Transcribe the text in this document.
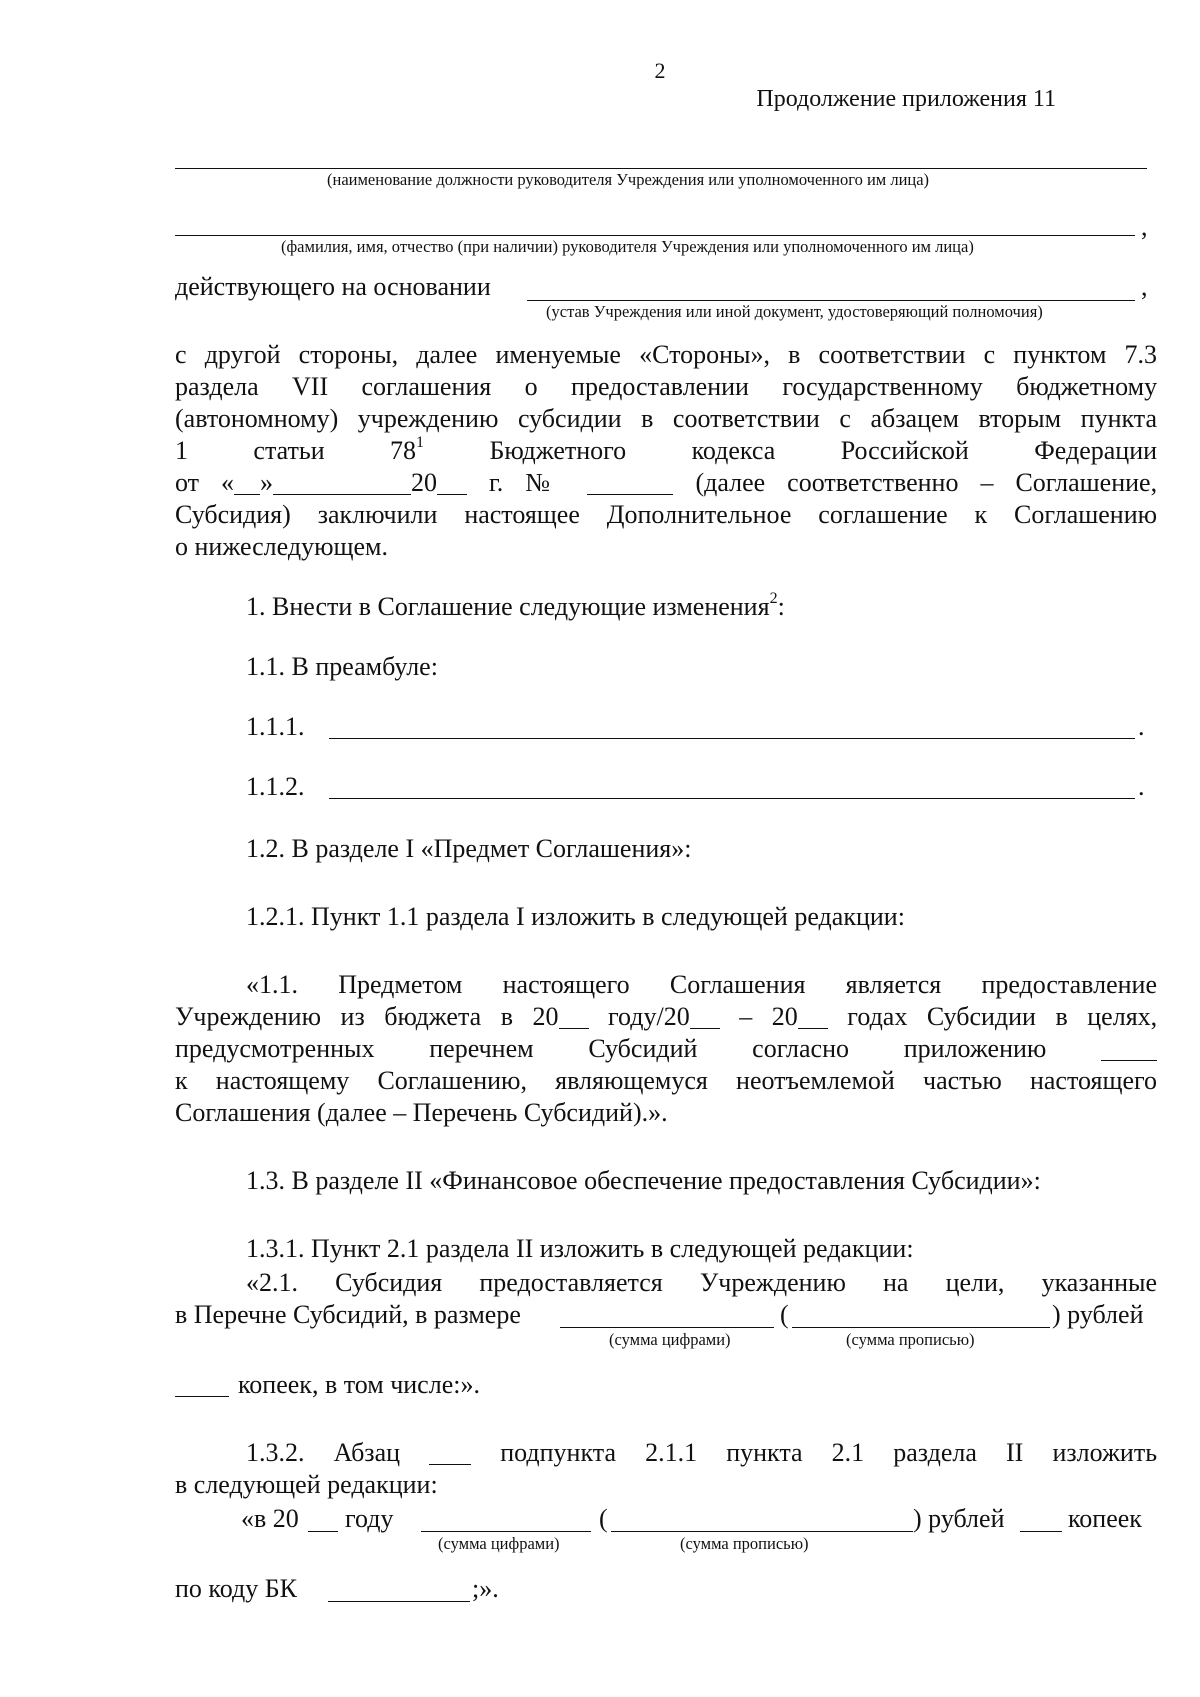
2
Продолжение приложения 11
(наименование должности руководителя Учреждения или уполномоченного им лица)
,
(фамилия, имя, отчество (при наличии) руководителя Учреждения или уполномоченного им лица)
действующего на основании	,
(устав Учреждения или иной документ, удостоверяющий полномочия)
с другой стороны, далее именуемые «Стороны», в соответствии с пунктом 7.3
раздела VII соглашения о предоставлении государственному бюджетному
(автономному) учреждению субсидии в соответствии с абзацем вторым пункта
1	статьи	$78^1$	Бюджетного	кодекса	Российской	Федерации
от « »	20 г. №	(далее соответственно – Соглашение,
Субсидия) заключили настоящее Дополнительное соглашение к Соглашению
о нижеследующем.
1. Внести в Соглашение следующие изменения$^2$:
1.1. В преамбуле:
1.1.1.	.
1.1.2.	.
1.2. В разделе I «Предмет Соглашения»:
1.2.1. Пункт 1.1 раздела I изложить в следующей редакции:
«1.1. Предметом настоящего Соглашения является предоставление
Учреждению из бюджета в 20 году/20 – 20 годах Субсидии в целях,
предусмотренных перечнем Субсидий согласно приложению
к настоящему Соглашению, являющемуся неотъемлемой частью настоящего
Соглашения (далее – Перечень Субсидий).».
1.3. В разделе II «Финансовое обеспечение предоставления Субсидии»:
1.3.1. Пункт 2.1 раздела II изложить в следующей редакции:
«2.1. Субсидия предоставляется Учреждению на цели, указанные
в Перечне Субсидий, в размере	(	) рублей
(сумма цифрами)	(сумма прописью)
копеек, в том числе:».
1.3.2. Абзац	подпункта 2.1.1 пункта 2.1 раздела II изложить
в следующей редакции:
«в 20 году	(	) рублей копеек
(сумма цифрами)	(сумма прописью)
по коду БК	;».
